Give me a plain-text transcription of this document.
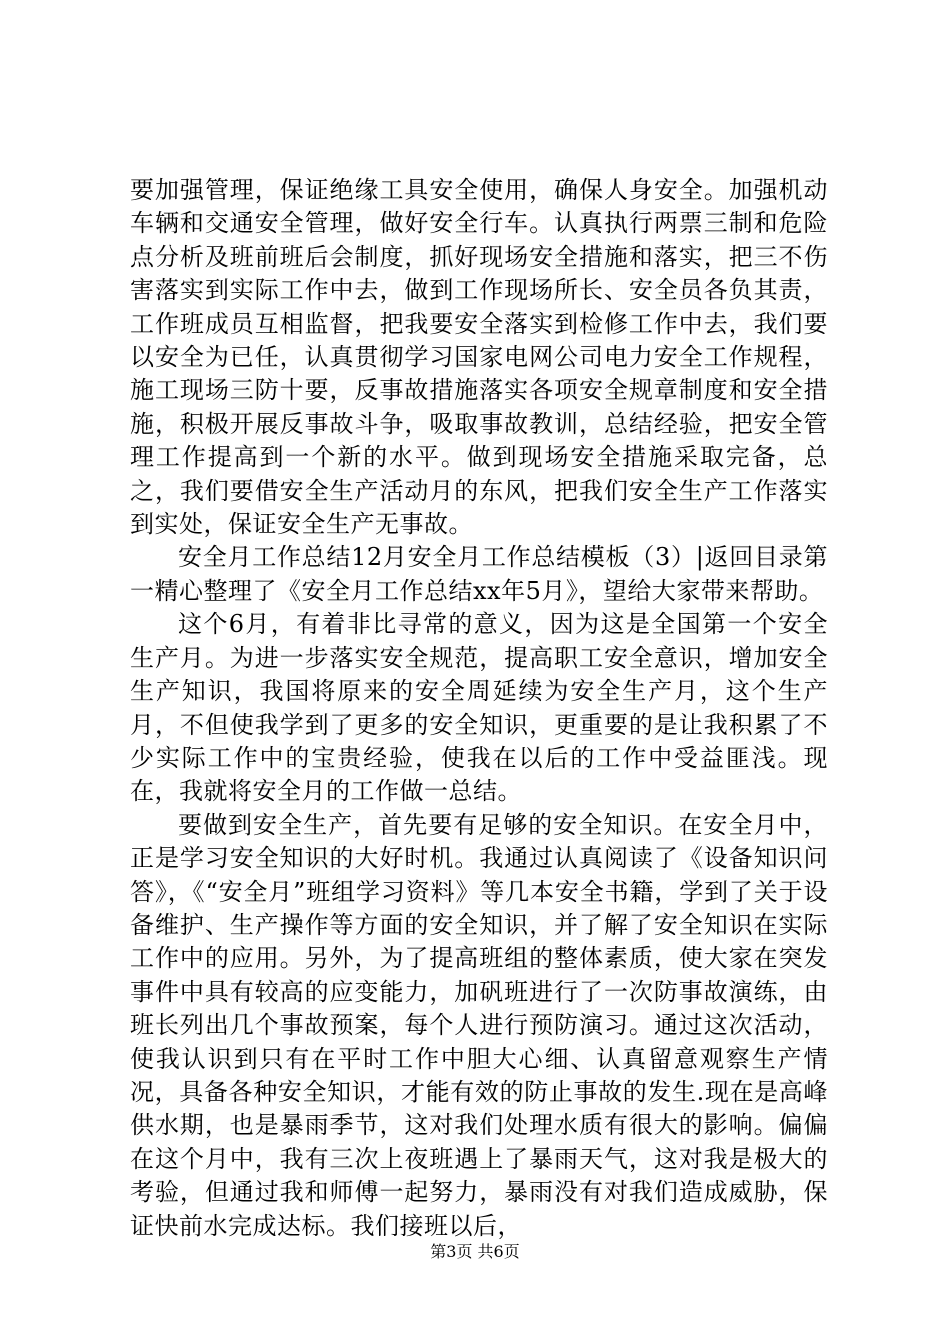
要加强管理，保证绝缘工具安全使用，确保人身安全。加强机动车辆和交通安全管理，做好安全行车。认真执行两票三制和危险点分析及班前班后会制度，抓好现场安全措施和落实，把三不伤害落实到实际工作中去，做到工作现场所长、安全员各负其责，工作班成员互相监督，把我要安全落实到检修工作中去，我们要以安全为已任，认真贯彻学习国家电网公司电力安全工作规程，施工现场三防十要，反事故措施落实各项安全规章制度和安全措施，积极开展反事故斗争，吸取事故教训，总结经验，把安全管理工作提高到一个新的水平。做到现场安全措施采取完备，总之，我们要借安全生产活动月的东风，把我们安全生产工作落实到实处，保证安全生产无事故。

安全月工作总结12月安全月工作总结模板（3）|返回目录第一精心整理了《安全月工作总结xx年5月》，望给大家带来帮助。

这个6月，有着非比寻常的意义，因为这是全国第一个安全生产月。为进一步落实安全规范，提高职工安全意识，增加安全生产知识，我国将原来的安全周延续为安全生产月，这个生产月，不但使我学到了更多的安全知识，更重要的是让我积累了不少实际工作中的宝贵经验，使我在以后的工作中受益匪浅。现在，我就将安全月的工作做一总结。

要做到安全生产，首先要有足够的安全知识。在安全月中，正是学习安全知识的大好时机。我通过认真阅读了《设备知识问答》，《“安全月”班组学习资料》等几本安全书籍，学到了关于设备维护、生产操作等方面的安全知识，并了解了安全知识在实际工作中的应用。另外，为了提高班组的整体素质，使大家在突发事件中具有较高的应变能力，加矾班进行了一次防事故演练，由班长列出几个事故预案，每个人进行预防演习。通过这次活动，使我认识到只有在平时工作中胆大心细、认真留意观察生产情况，具备各种安全知识，才能有效的防止事故的发生.现在是高峰供水期，也是暴雨季节，这对我们处理水质有很大的影响。偏偏在这个月中，我有三次上夜班遇上了暴雨天气，这对我是极大的考验，但通过我和师傅一起努力，暴雨没有对我们造成威胁，保证快前水完成达标。我们接班以后，

第3页 共6页
